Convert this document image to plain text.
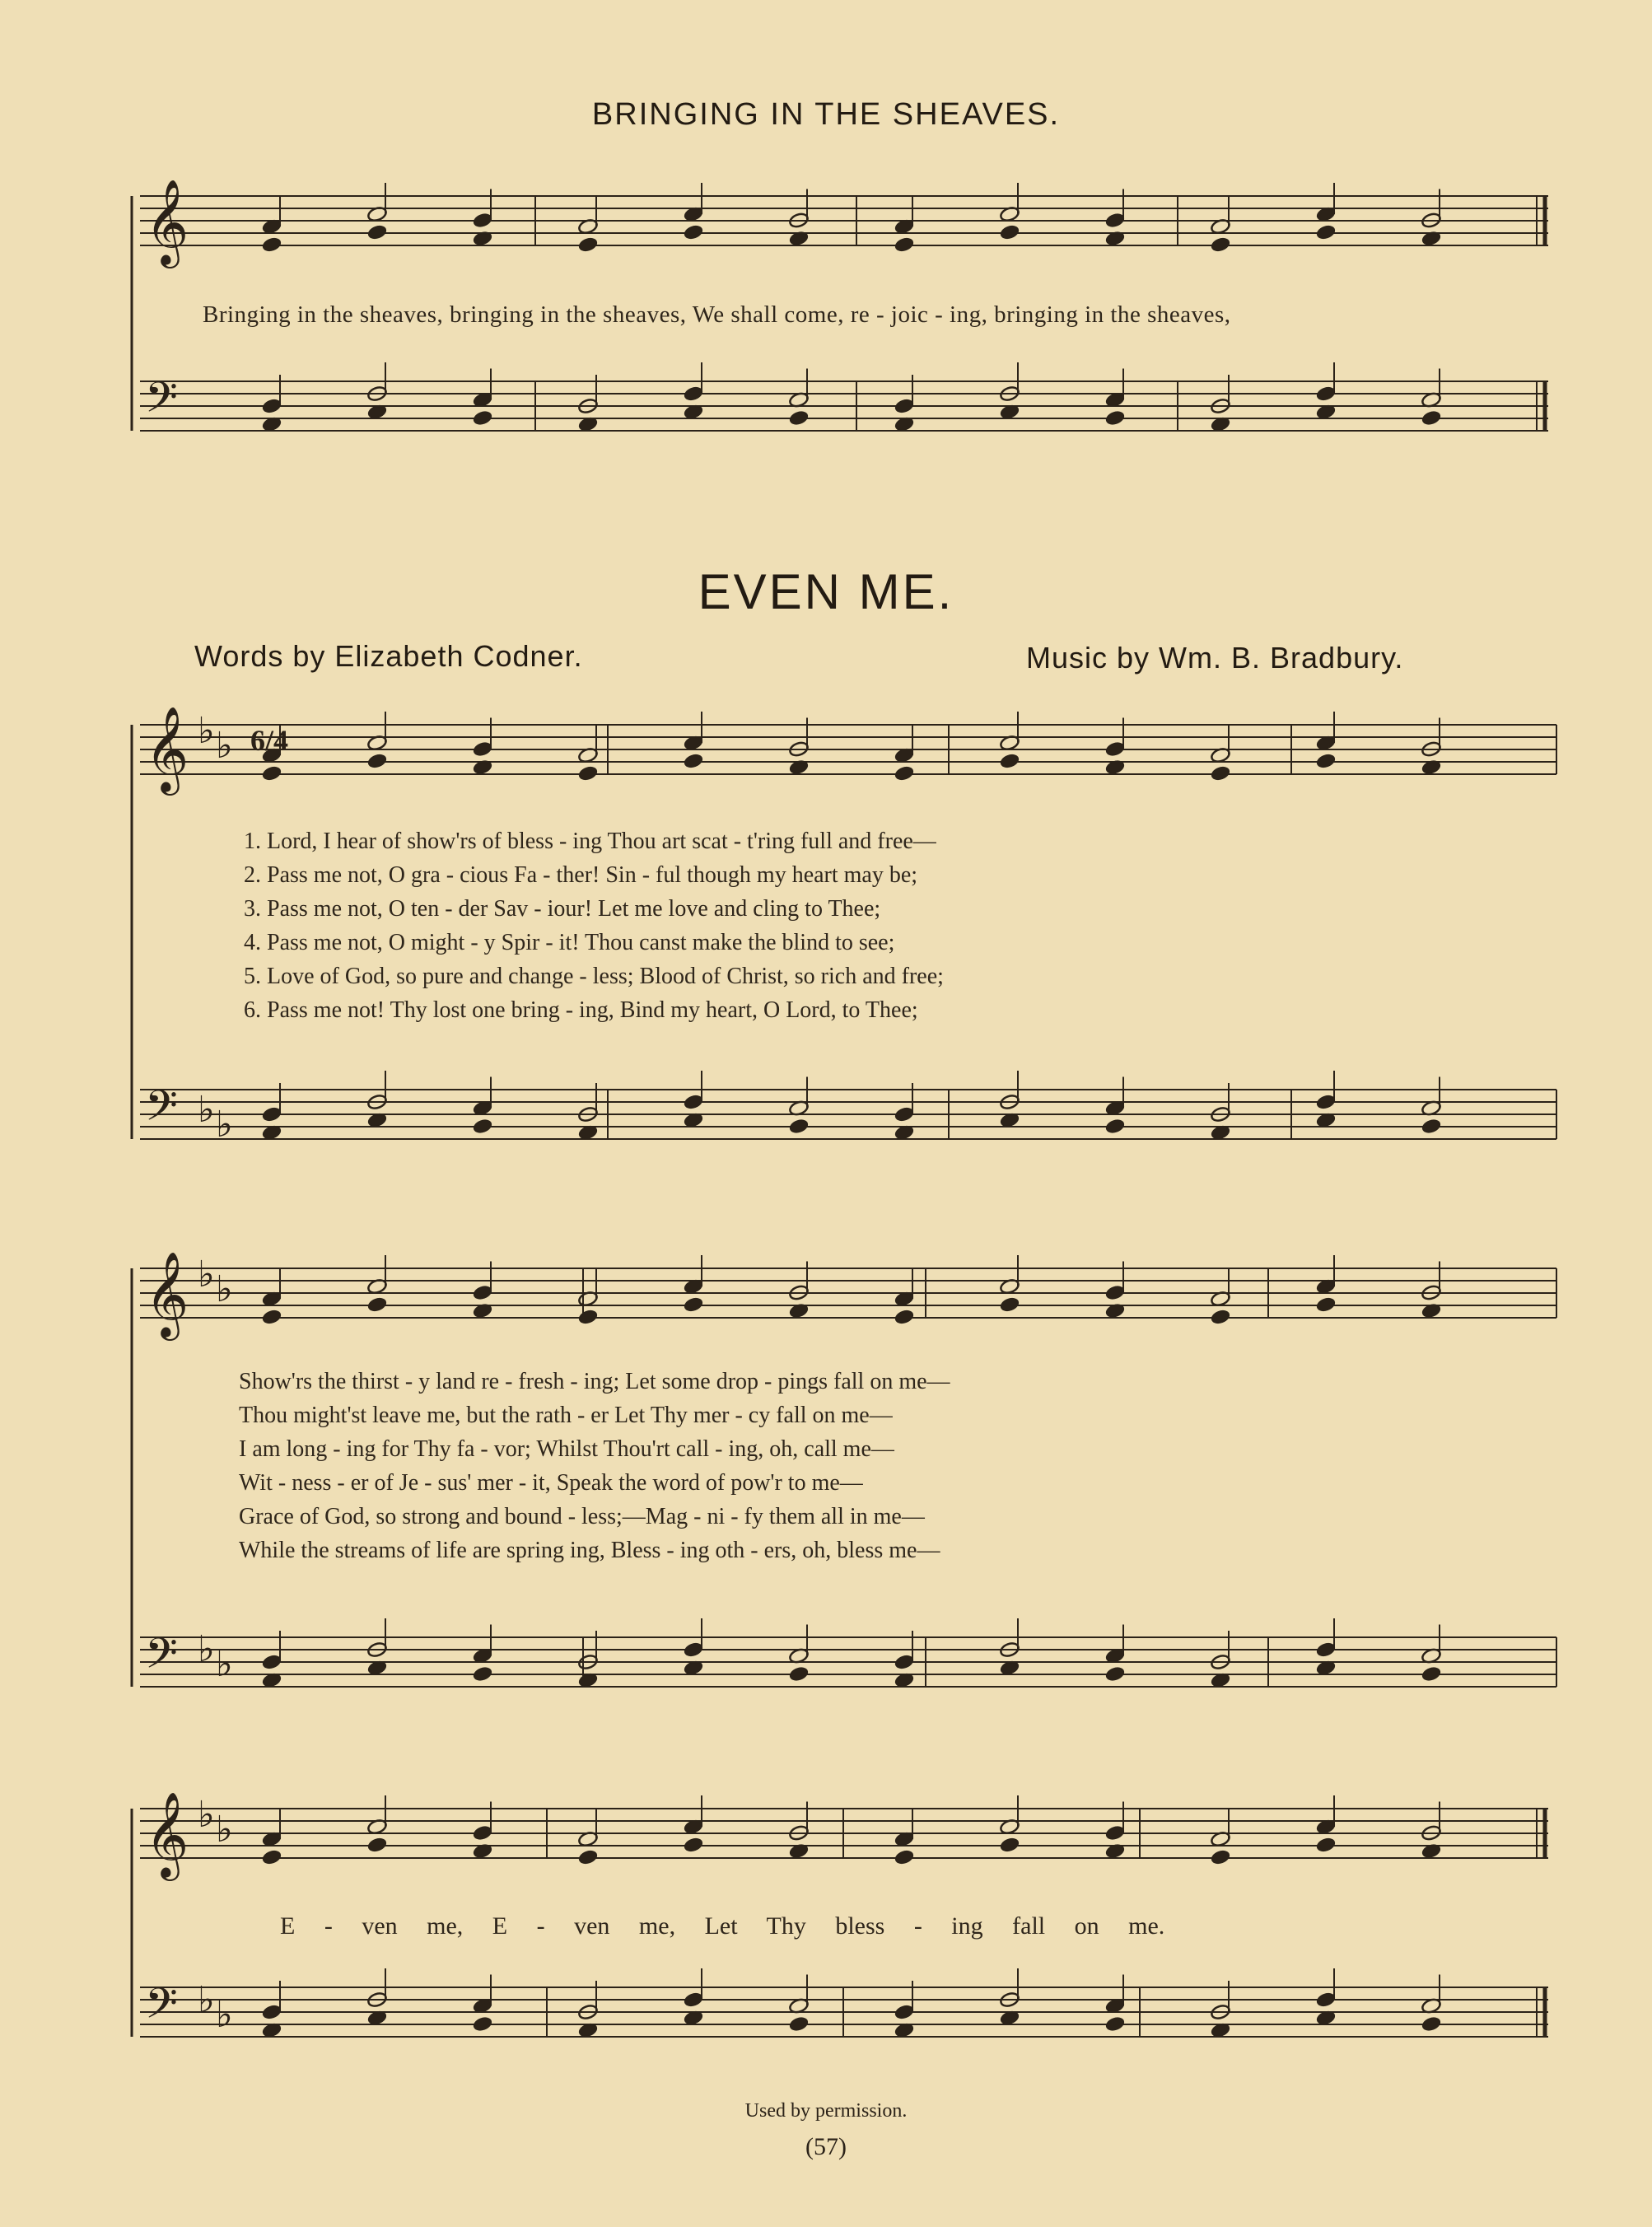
BRINGING IN THE SHEAVES.
𝄞
𝄢
𝄞
𝄢
𝄞
𝄢
𝄞
𝄢
♭ ♭
♭ ♭
♭ ♭
♭ ♭
♭ ♭
♭ ♭
Bringing in the sheaves, bringing in the sheaves, We shall come, re - joic - ing, bringing in the sheaves,
6/4
EVEN ME.
Words by Elizabeth Codner.	Music by Wm. B. Bradbury.
1. Lord, I hear of show'rs of bless - ing Thou art scat - t'ring full and free—
2. Pass me not, O gra - cious Fa - ther! Sin - ful though my heart may be;
3. Pass me not, O ten - der Sav - iour! Let me love and cling to Thee;
4. Pass me not, O might - y Spir - it! Thou canst make the blind to see;
5. Love of God, so pure and change - less; Blood of Christ, so rich and free;
6. Pass me not! Thy lost one bring - ing, Bind my heart, O Lord, to Thee;
Show'rs the thirst - y land re - fresh - ing; Let some drop - pings fall on me—
Thou might'st leave me, but the rath - er Let Thy mer - cy fall on me—
I am long - ing for Thy fa - vor; Whilst Thou'rt call - ing, oh, call me—
Wit - ness - er of Je - sus' mer - it, Speak the word of pow'r to me—
Grace of God, so strong and bound - less;—Mag - ni - fy them all in me—
While the streams of life are spring ing, Bless - ing oth - ers, oh, bless me—
E - ven me, E - ven me, Let Thy bless - ing fall on me.
Used by permission.
(57)
